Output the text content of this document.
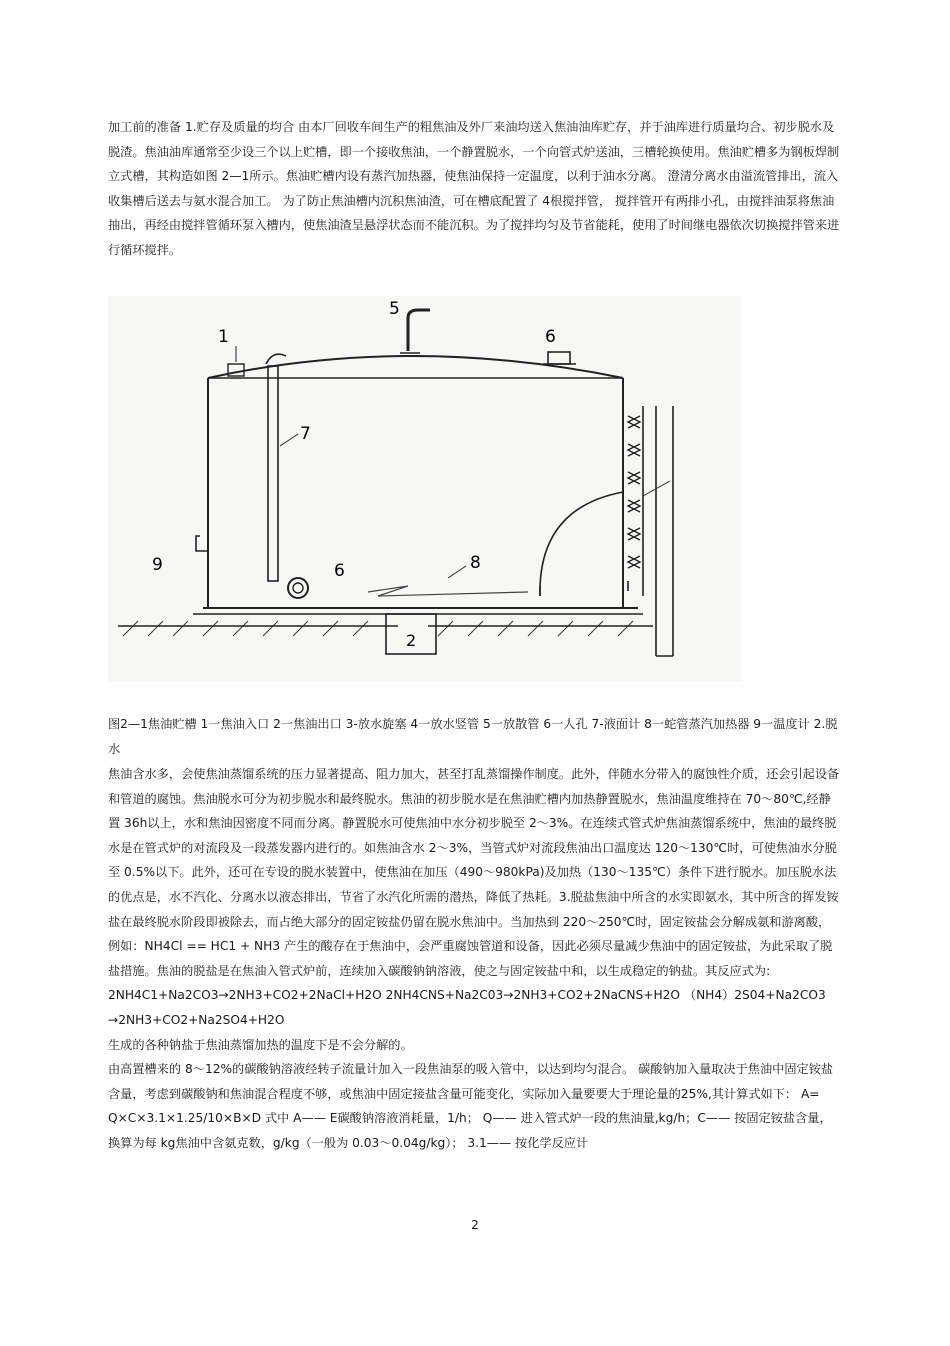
加工前的准备 1.贮存及质量的均合 由本厂回收车间生产的粗焦油及外厂来油均送入焦油油库贮存，并于油库进行质量均合、初步脱水及脱渣。焦油油库通常至少设三个以上贮槽，即一个接收焦油，一个静置脱水，一个向管式炉送油，三槽轮换使用。焦油贮槽多为钢板焊制立式槽，其构造如图 2—1所示。焦油贮槽内设有蒸汽加热器，使焦油保持一定温度，以利于油水分离。 澄清分离水由溢流管排出，流入收集槽后送去与氨水混合加工。 为了防止焦油槽内沉积焦油渣，可在槽底配置了 4根搅拌管， 搅拌管开有两排小孔，由搅拌油泵将焦油抽出，再经由搅拌管循环泵入槽内，使焦油渣呈悬浮状态而不能沉积。为了搅拌均匀及节省能耗，使用了时间继电器依次切换搅拌管来进行循环搅拌。

2
1
5
6
7
6	8
9

图2—1焦油贮槽 1一焦油入口 2一焦油出口 3-放水旋塞 4一放水竖管 5一放散管 6一人孔 7-液面计 8一蛇管蒸汽加热器 9一温度计 2.脱水

焦油含水多，会使焦油蒸馏系统的压力显著提高、阻力加大，甚至打乱蒸馏操作制度。此外，伴随水分带入的腐蚀性介质，还会引起设备和管道的腐蚀。焦油脱水可分为初步脱水和最终脱水。焦油的初步脱水是在焦油贮槽内加热静置脱水，焦油温度维持在 70～80℃,经静置 36h以上，水和焦油因密度不同而分离。静置脱水可使焦油中水分初步脱至 2～3%。在连续式管式炉焦油蒸馏系统中，焦油的最终脱水是在管式炉的对流段及一段蒸发器内进行的。如焦油含水 2～3%，当管式炉对流段焦油出口温度达 120～130℃时，可使焦油水分脱至 0.5%以下。此外，还可在专设的脱水装置中，使焦油在加压（490～980kPa)及加热（130～135℃）条件下进行脱水。加压脱水法的优点是，水不汽化、分离水以液态排出，节省了水汽化所需的潜热，降低了热耗。3.脱盐焦油中所含的水实即氨水，其中所含的挥发铵盐在最终脱水阶段即被除去，而占绝大部分的固定铵盐仍留在脱水焦油中。当加热到 220～250℃时，固定铵盐会分解成氨和游离酸，例如：NH4Cl == HC1 + NH3 产生的酸存在于焦油中，会严重腐蚀管道和设备，因此必须尽量减少焦油中的固定铵盐，为此采取了脱盐措施。焦油的脱盐是在焦油入管式炉前，连续加入碳酸钠钠溶液，使之与固定铵盐中和，以生成稳定的钠盐。其反应式为:

2NH4C1+Na2CO3→2NH3+CO2+2NaCl+H2O 2NH4CNS+Na2C03→2NH3+CO2+2NaCNS+H2O （NH4）2S04+Na2CO3

→2NH3+CO2+Na2SO4+H2O

生成的各种钠盐于焦油蒸馏加热的温度下是不会分解的。

由高置槽来的 8～12%的碳酸钠溶液经转子流量计加入一段焦油泵的吸入管中，以达到均匀混合。 碳酸钠加入量取决于焦油中固定铵盐含量，考虑到碳酸钠和焦油混合程度不够，或焦油中固定接盐含量可能变化，实际加入量要要大于理论量的25%,其计算式如下： A= Q×C×3.1×1.25/10×B×D 式中 A—— E碳酸钠溶液消耗量，1/h； Q—— 进入管式炉一段的焦油量,kg/h；C—— 按固定铵盐含量，换算为每 kg焦油中含氨克数，g/kg（一般为 0.03～0.04g/kg）； 3.1—— 按化学反应计

2
